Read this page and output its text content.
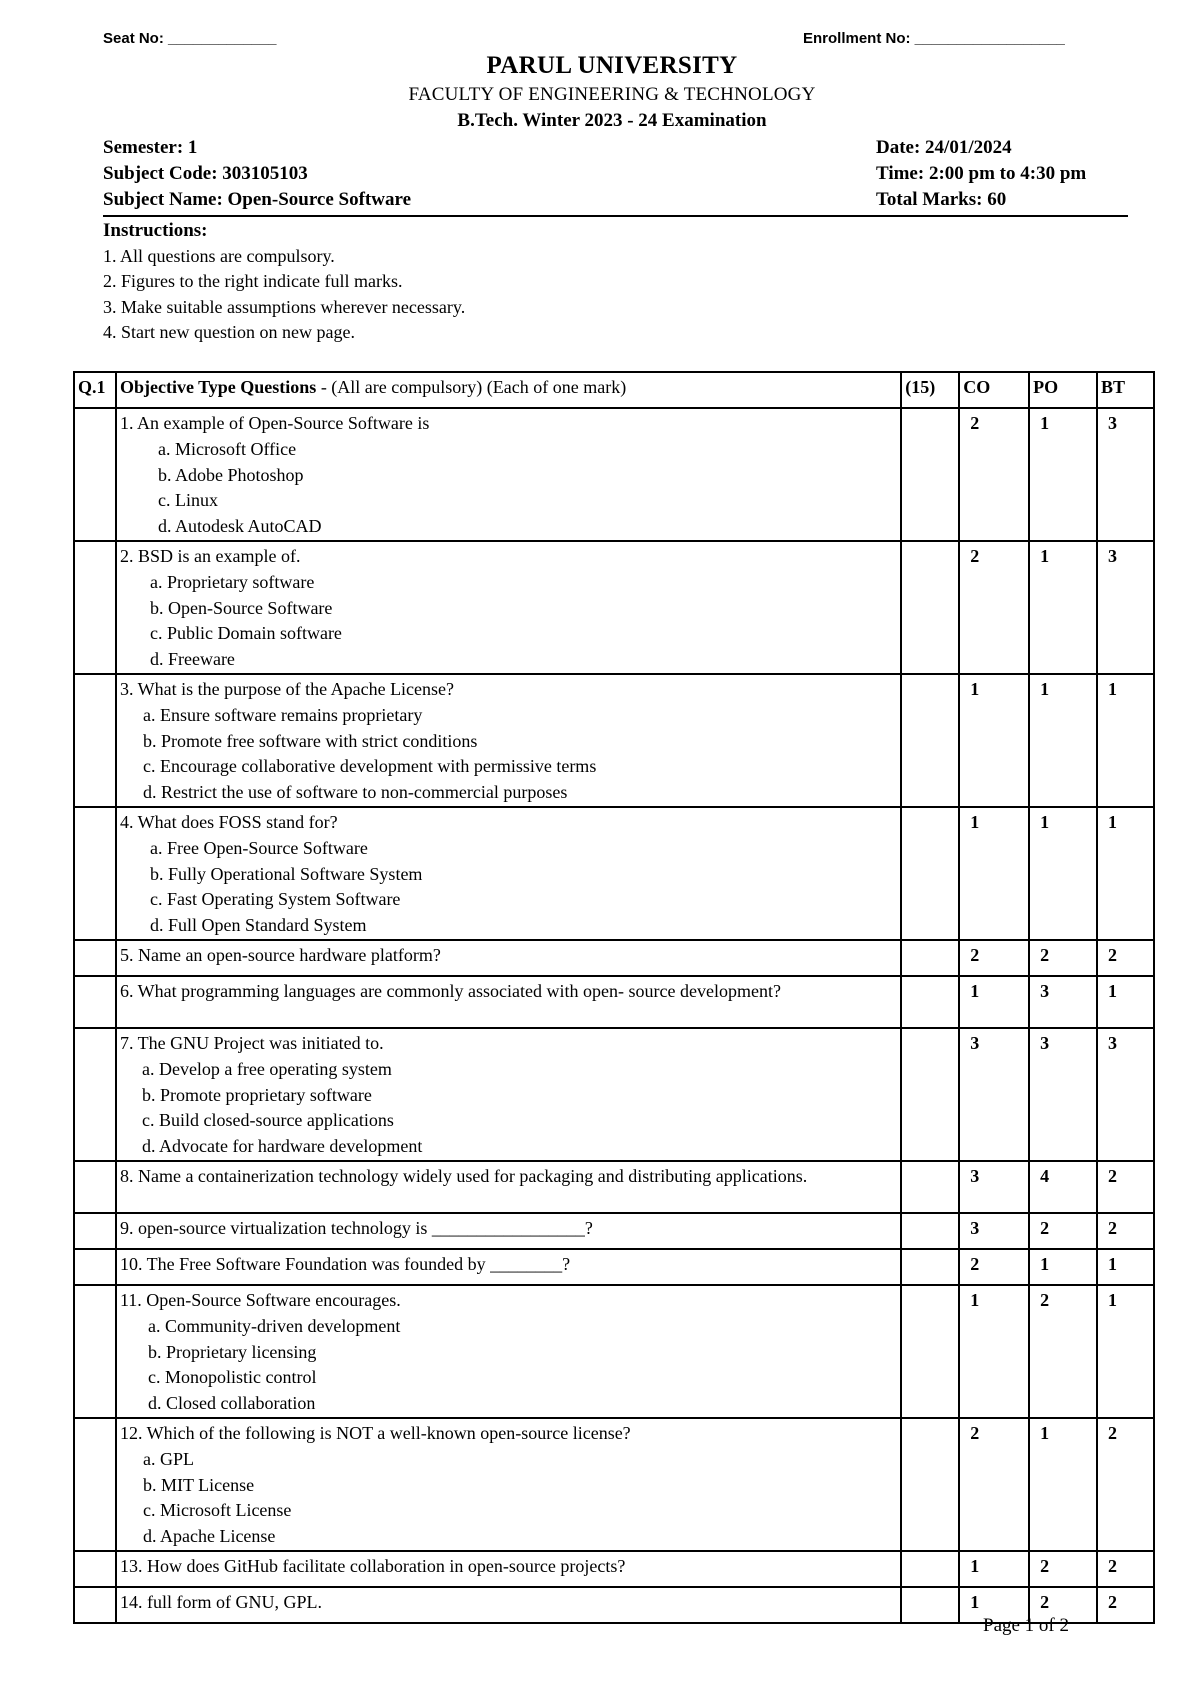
Seat No: _____________	Enrollment No: __________________
PARUL UNIVERSITY
FACULTY OF ENGINEERING & TECHNOLOGY
B.Tech. Winter 2023 - 24 Examination
Semester: 1
Subject Code: 303105103
Subject Name: Open-Source Software
Date: 24/01/2024
Time: 2:00 pm to 4:30 pm
Total Marks: 60
Instructions:
1. All questions are compulsory.
2. Figures to the right indicate full marks.
3. Make suitable assumptions wherever necessary.
4. Start new question on new page.
Q.1	Objective Type Questions - (All are compulsory) (Each of one mark)	(15)	CO	PO	BT

	1. An example of Open-Source Software is
a. Microsoft Office
b. Adobe Photoshop
c. Linux
d. Autodesk AutoCAD		2	1	3

	2. BSD is an example of.
a. Proprietary software
b. Open-Source Software
c. Public Domain software
d. Freeware		2	1	3

	3. What is the purpose of the Apache License?
a. Ensure software remains proprietary
b. Promote free software with strict conditions
c. Encourage collaborative development with permissive terms
d. Restrict the use of software to non-commercial purposes		1	1	1

	4. What does FOSS stand for?
a. Free Open-Source Software
b. Fully Operational Software System
c. Fast Operating System Software
d. Full Open Standard System		1	1	1

	5. Name an open-source hardware platform?		2	2	2

	6. What programming languages are commonly associated with open- source development?		1	3	1

	7. The GNU Project was initiated to.
a. Develop a free operating system
b. Promote proprietary software
c. Build closed-source applications
d. Advocate for hardware development		3	3	3

	8. Name a containerization technology widely used for packaging and distributing applications.		3	4	2

	9. open-source virtualization technology is _________________?		3	2	2

	10. The Free Software Foundation was founded by ________?		2	1	1

	11. Open-Source Software encourages.
a. Community-driven development
b. Proprietary licensing
c. Monopolistic control
d. Closed collaboration		1	2	1

	12. Which of the following is NOT a well-known open-source license?
a. GPL
b. MIT License
c. Microsoft License
d. Apache License		2	1	2

	13. How does GitHub facilitate collaboration in open-source projects?		1	2	2

	14. full form of GNU, GPL.		1	2	2
Page 1 of 2
